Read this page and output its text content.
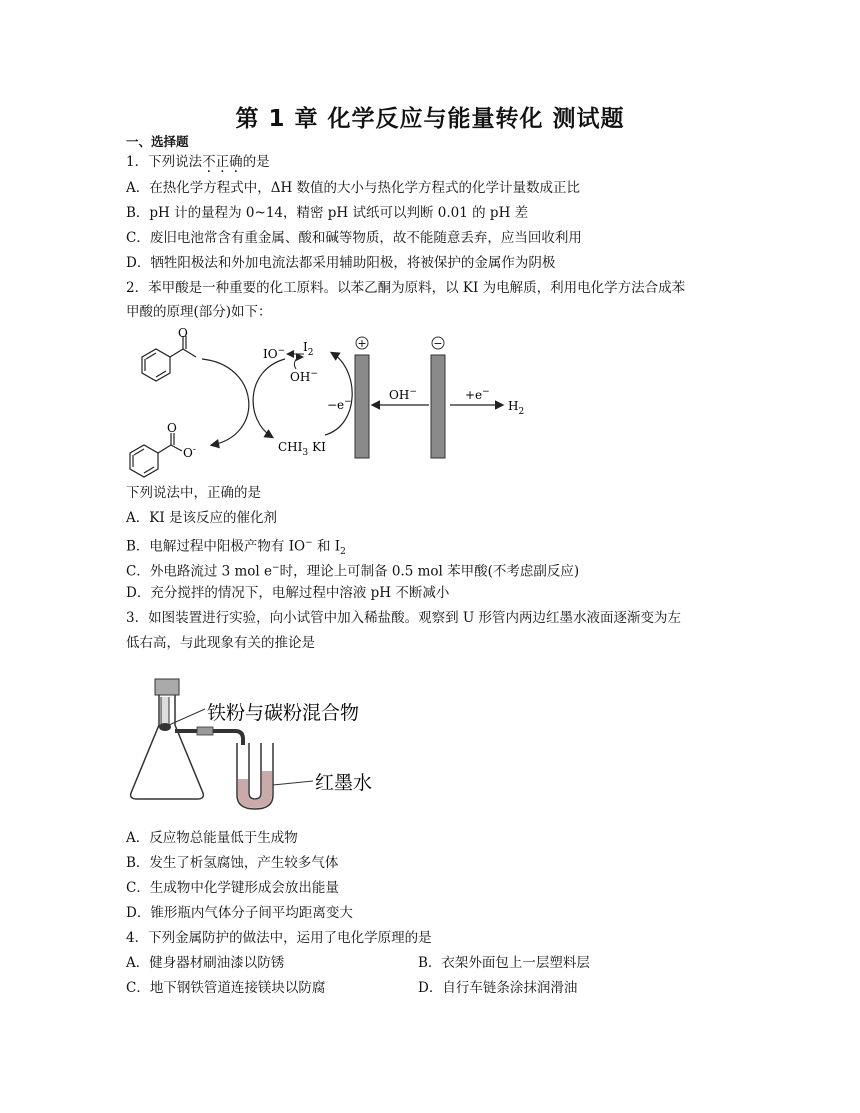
第 1 章 化学反应与能量转化 测试题
一、选择题
1．下列说法不正确的是
A．在热化学方程式中，ΔH 数值的大小与热化学方程式的化学计量数成正比
B．pH 计的量程为 0~14，精密 pH 试纸可以判断 0.01 的 pH 差
C．废旧电池常含有重金属、酸和碱等物质，故不能随意丢弃，应当回收利用
D．牺牲阳极法和外加电流法都采用辅助阳极，将被保护的金属作为阴极
2．苯甲酸是一种重要的化工原料。以苯乙酮为原料，以 KI 为电解质，利用电化学方法合成苯
甲酸的原理(部分)如下：
O
O
O-
IO− $I_2$
OH−
−e−
$CHI_3$ KI
+	−
OH−	+e−
$H_2$
下列说法中，正确的是
A．KI 是该反应的催化剂
B．电解过程中阳极产物有 IO− 和 $I_2$
C．外电路流过 3 mol e−时，理论上可制备 0.5 mol 苯甲酸(不考虑副反应)
D．充分搅拌的情况下，电解过程中溶液 pH 不断减小
3．如图装置进行实验，向小试管中加入稀盐酸。观察到 U 形管内两边红墨水液面逐渐变为左
低右高，与此现象有关的推论是
铁粉与碳粉混合物
红墨水
A．反应物总能量低于生成物
B．发生了析氢腐蚀，产生较多气体
C．生成物中化学键形成会放出能量
D．锥形瓶内气体分子间平均距离变大
4．下列金属防护的做法中，运用了电化学原理的是
A．健身器材刷油漆以防锈	B．衣架外面包上一层塑料层
C．地下钢铁管道连接镁块以防腐	D．自行车链条涂抹润滑油
